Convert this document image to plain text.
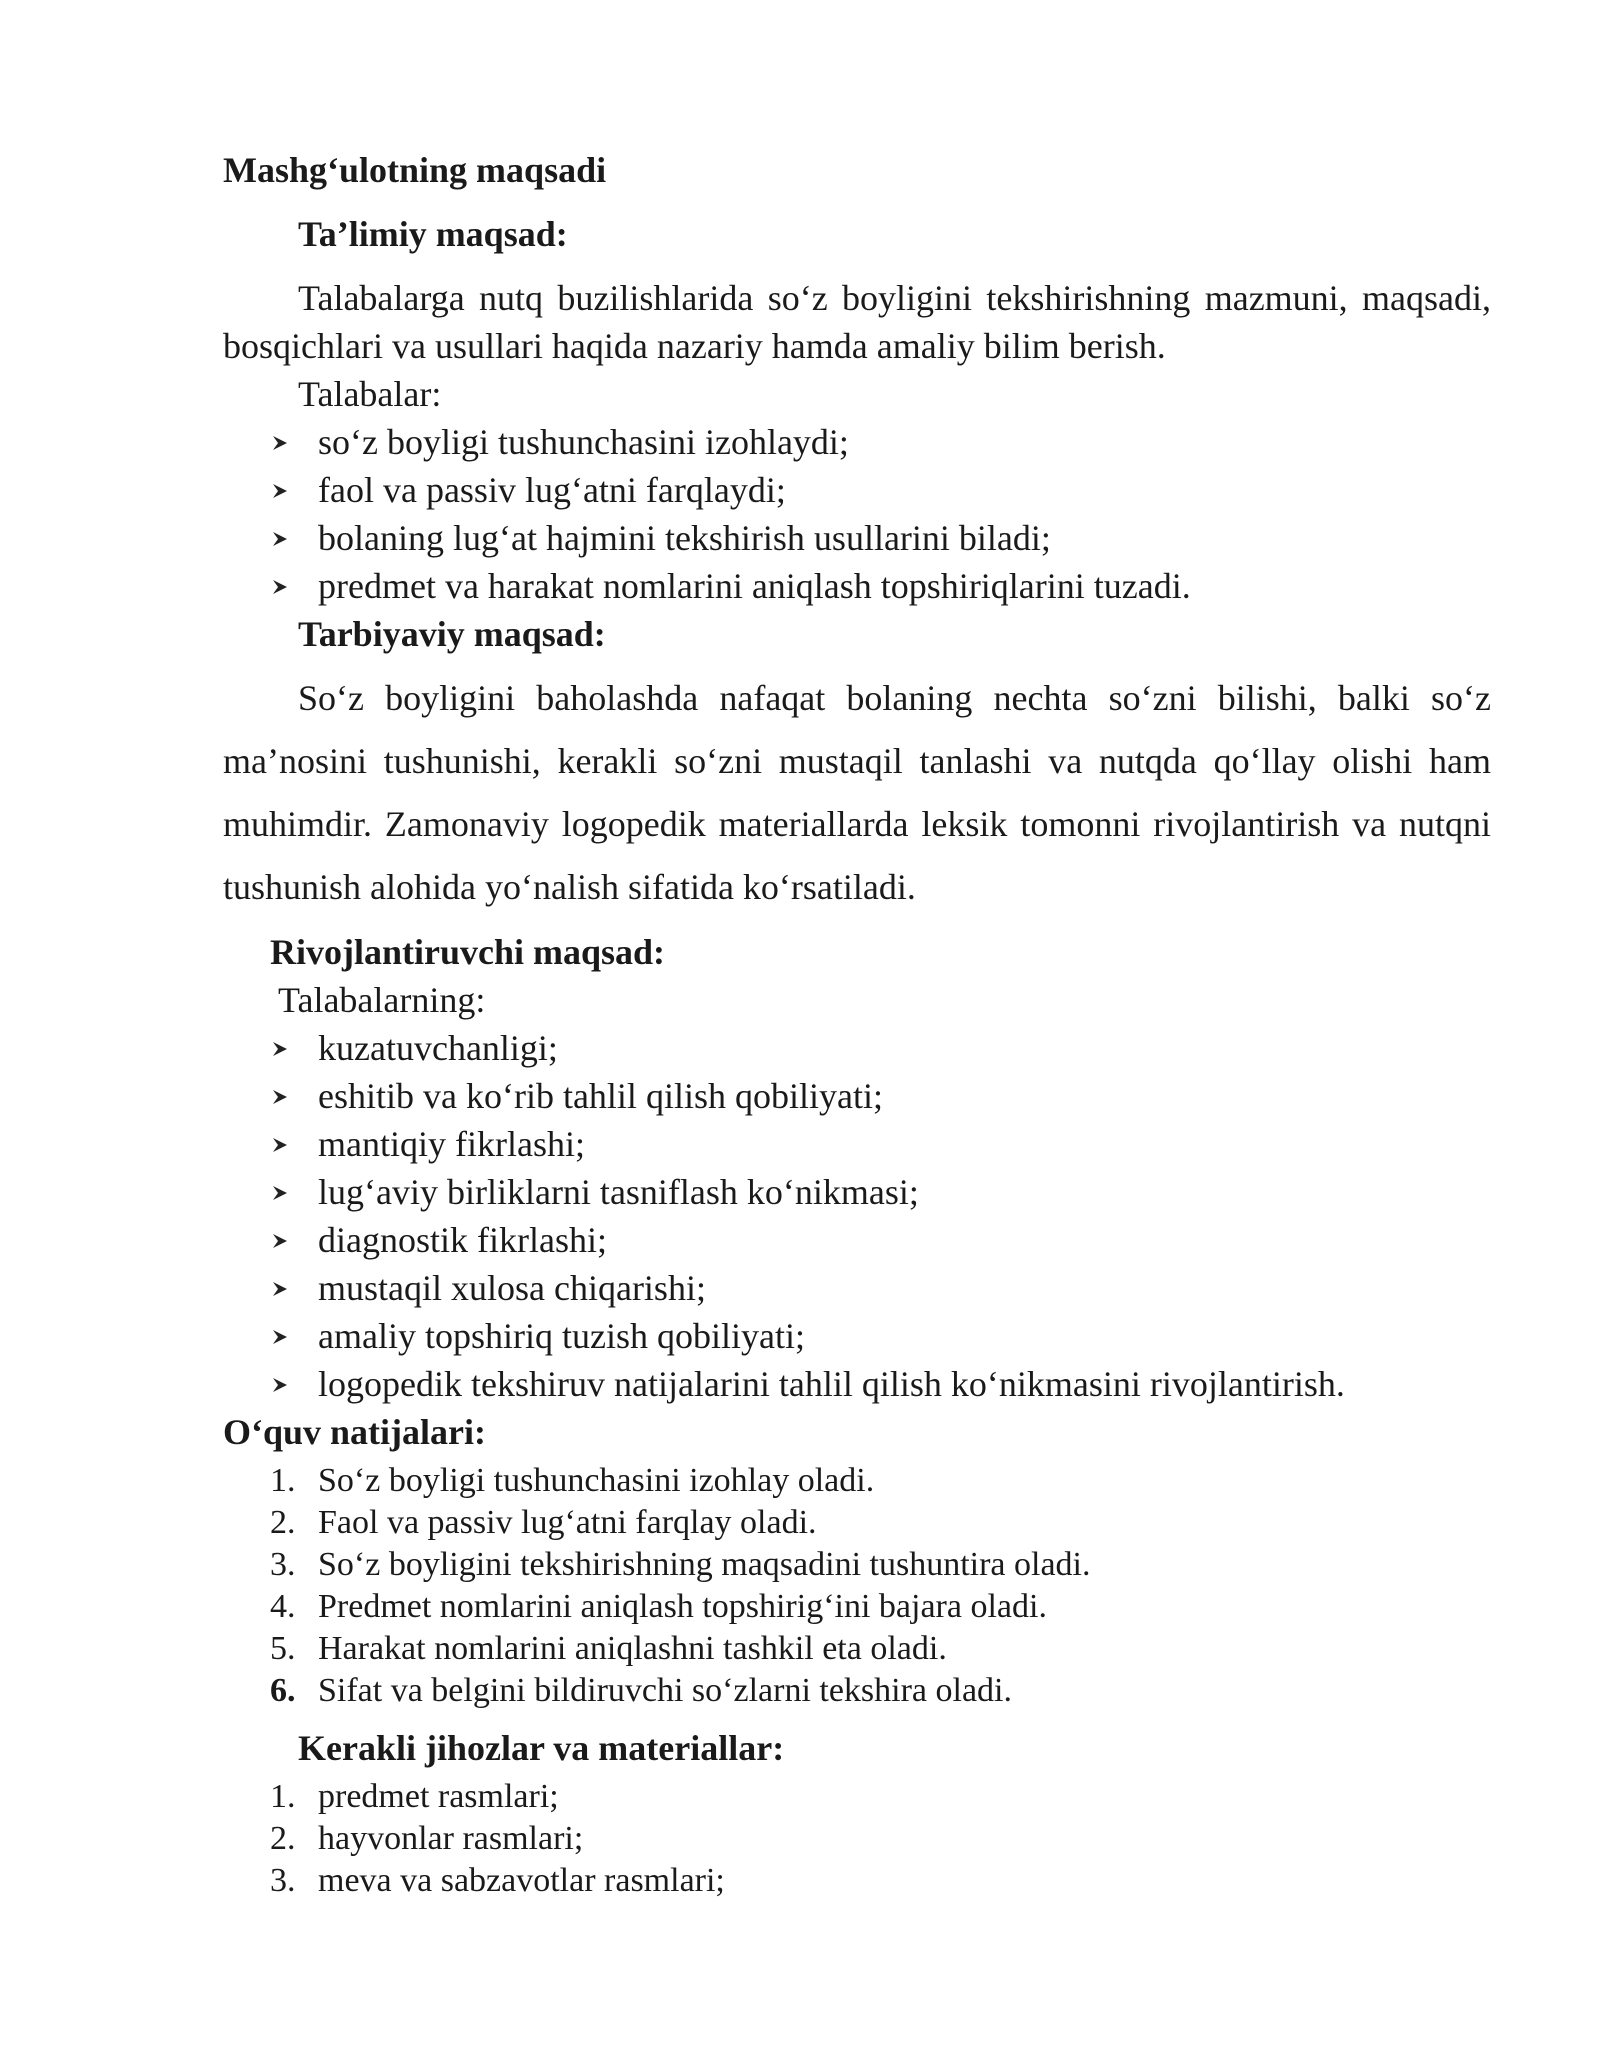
Mashg‘ulotning maqsadi
Ta’limiy maqsad:
Talabalarga nutq buzilishlarida so‘z boyligini tekshirishning mazmuni, maqsadi,
bosqichlari va usullari haqida nazariy hamda amaliy bilim berish.
Talabalar:
so‘z boyligi tushunchasini izohlaydi;
faol va passiv lug‘atni farqlaydi;
bolaning lug‘at hajmini tekshirish usullarini biladi;
predmet va harakat nomlarini aniqlash topshiriqlarini tuzadi.
Tarbiyaviy maqsad:
So‘z boyligini baholashda nafaqat bolaning nechta so‘zni bilishi, balki so‘z
ma’nosini tushunishi, kerakli so‘zni mustaqil tanlashi va nutqda qo‘llay olishi ham
muhimdir. Zamonaviy logopedik materiallarda leksik tomonni rivojlantirish va nutqni
tushunish alohida yo‘nalish sifatida ko‘rsatiladi.
Rivojlantiruvchi maqsad:
Talabalarning:
kuzatuvchanligi;
eshitib va ko‘rib tahlil qilish qobiliyati;
mantiqiy fikrlashi;
lug‘aviy birliklarni tasniflash ko‘nikmasi;
diagnostik fikrlashi;
mustaqil xulosa chiqarishi;
amaliy topshiriq tuzish qobiliyati;
logopedik tekshiruv natijalarini tahlil qilish ko‘nikmasini rivojlantirish.
O‘quv natijalari:
1. So‘z boyligi tushunchasini izohlay oladi.
2. Faol va passiv lug‘atni farqlay oladi.
3. So‘z boyligini tekshirishning maqsadini tushuntira oladi.
4. Predmet nomlarini aniqlash topshirig‘ini bajara oladi.
5. Harakat nomlarini aniqlashni tashkil eta oladi.
6. Sifat va belgini bildiruvchi so‘zlarni tekshira oladi.
Kerakli jihozlar va materiallar:
1. predmet rasmlari;
2. hayvonlar rasmlari;
3. meva va sabzavotlar rasmlari;
